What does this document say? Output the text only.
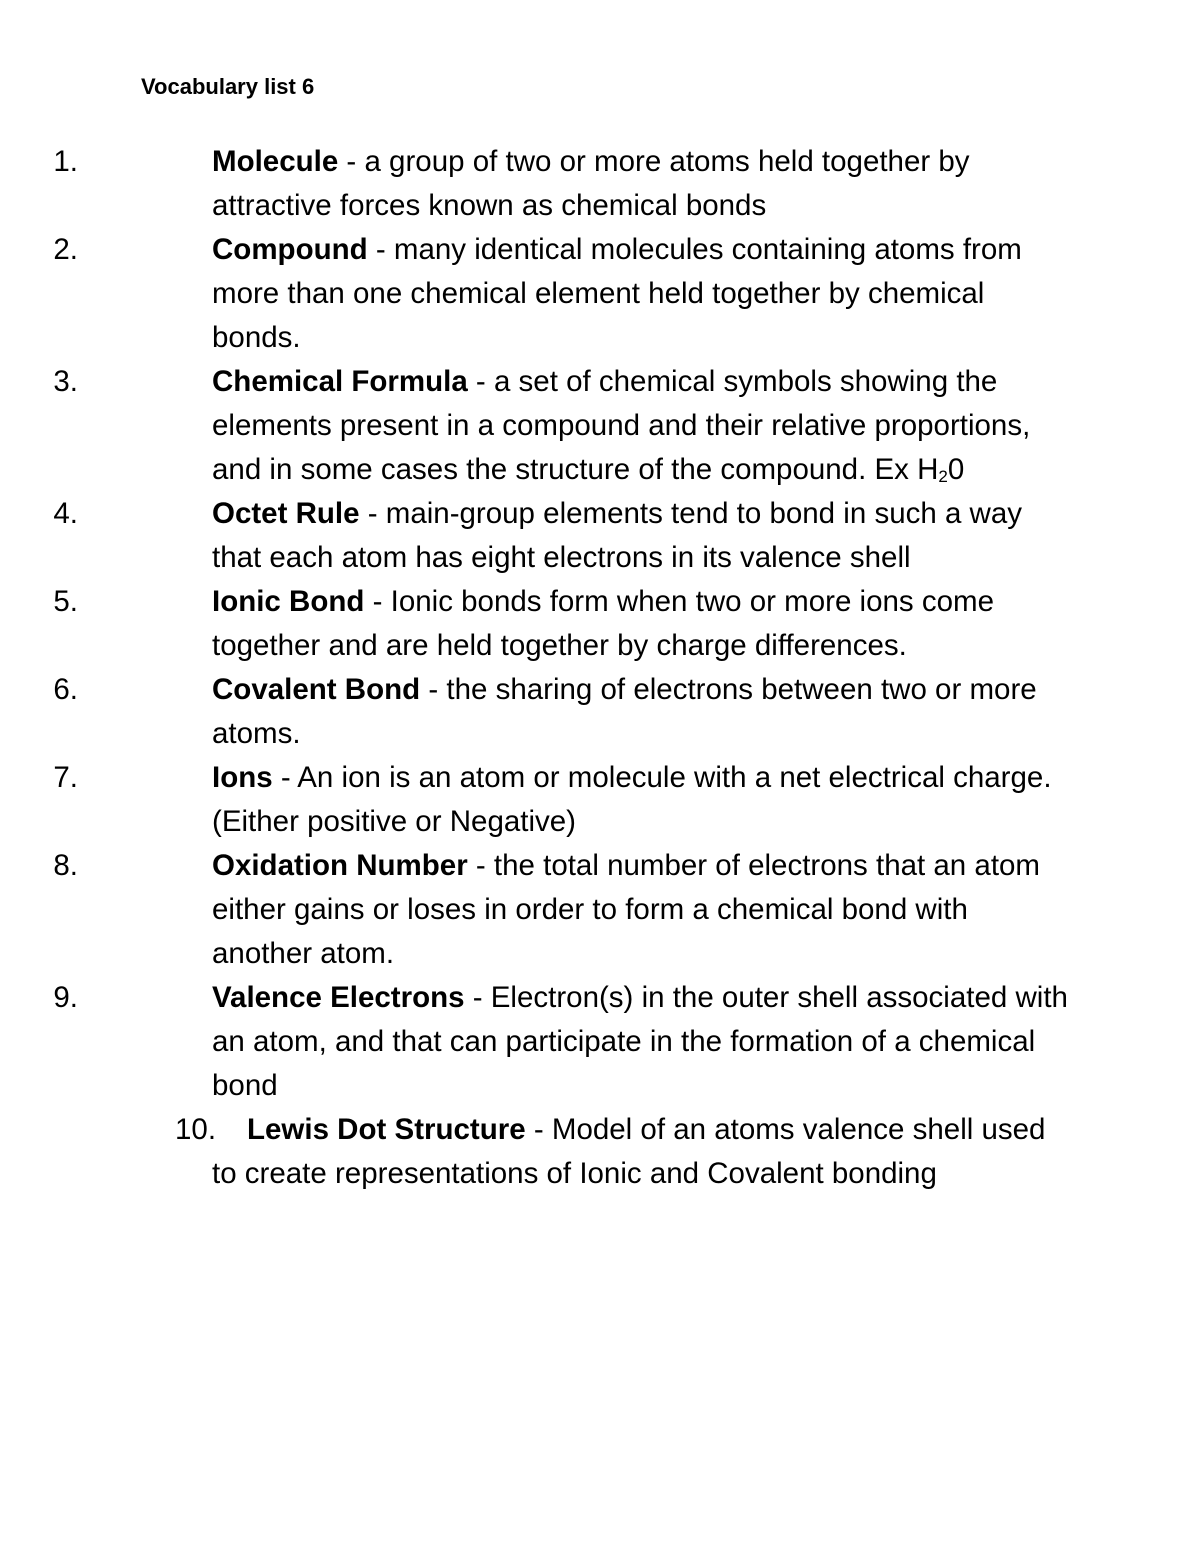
Vocabulary list 6
1.	Molecule - a group of two or more atoms held together by attractive forces known as chemical bonds
2.	Compound - many identical molecules containing atoms from more than one chemical element held together by chemical bonds.
3.	Chemical Formula - a set of chemical symbols showing the elements present in a compound and their relative proportions, and in some cases the structure of the compound. Ex H20
4.	Octet Rule - main-group elements tend to bond in such a way that each atom has eight electrons in its valence shell
5.	Ionic Bond - Ionic bonds form when two or more ions come together and are held together by charge differences.
6.	Covalent Bond - the sharing of electrons between two or more atoms.
7.	Ions - An ion is an atom or molecule with a net electrical charge. (Either positive or Negative)
8.	Oxidation Number - the total number of electrons that an atom either gains or loses in order to form a chemical bond with another atom.
9.	Valence Electrons - Electron(s) in the outer shell associated with an atom, and that can participate in the formation of a chemical bond
10. Lewis Dot Structure - Model of an atoms valence shell used to create representations of Ionic and Covalent bonding
